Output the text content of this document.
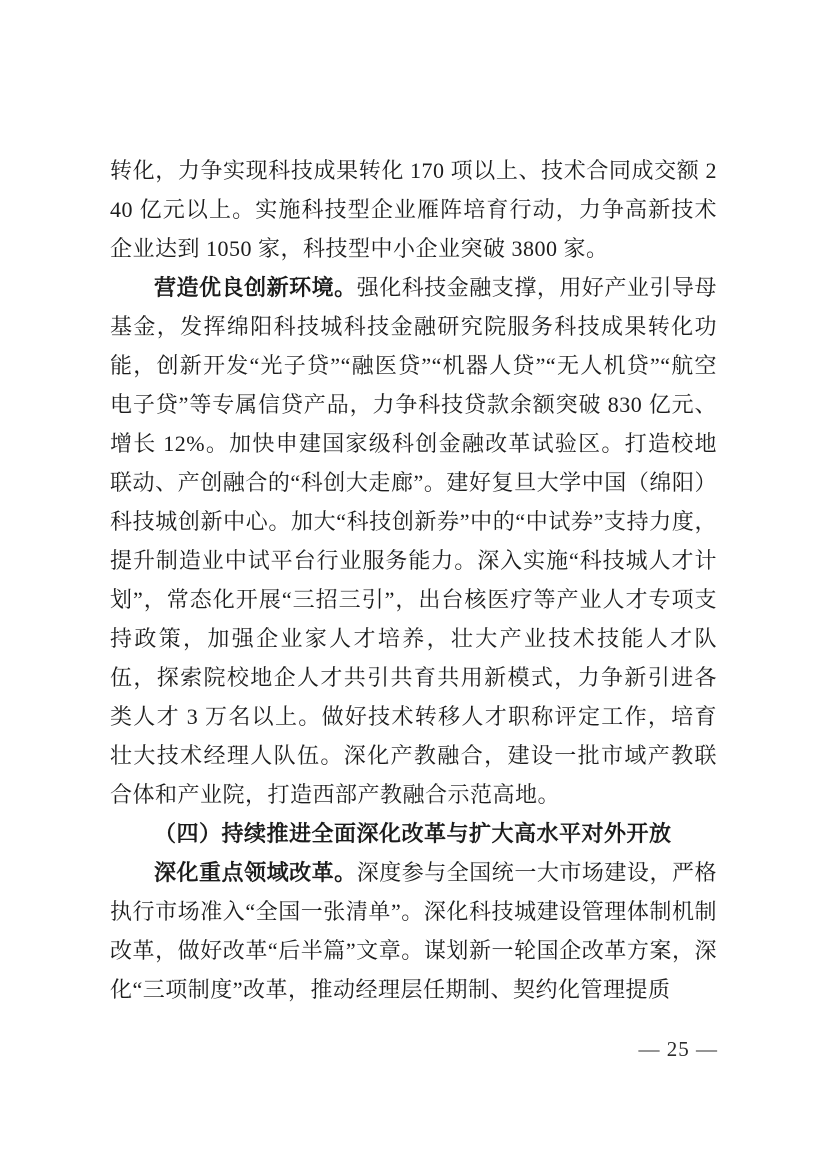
转化，力争实现科技成果转化 170 项以上、技术合同成交额 240 亿元以上。实施科技型企业雁阵培育行动，力争高新技术企业达到 1050 家，科技型中小企业突破 3800 家。

营造优良创新环境。强化科技金融支撑，用好产业引导母基金，发挥绵阳科技城科技金融研究院服务科技成果转化功能，创新开发“光子贷”“融医贷”“机器人贷”“无人机贷”“航空电子贷”等专属信贷产品，力争科技贷款余额突破 830 亿元、增长 12%。加快申建国家级科创金融改革试验区。打造校地联动、产创融合的“科创大走廊”。建好复旦大学中国（绵阳）科技城创新中心。加大“科技创新券”中的“中试券”支持力度，提升制造业中试平台行业服务能力。深入实施“科技城人才计划”，常态化开展“三招三引”，出台核医疗等产业人才专项支持政策，加强企业家人才培养，壮大产业技术技能人才队伍，探索院校地企人才共引共育共用新模式，力争新引进各类人才 3 万名以上。做好技术转移人才职称评定工作，培育壮大技术经理人队伍。深化产教融合，建设一批市域产教联合体和产业院，打造西部产教融合示范高地。

（四）持续推进全面深化改革与扩大高水平对外开放

深化重点领域改革。深度参与全国统一大市场建设，严格执行市场准入“全国一张清单”。深化科技城建设管理体制机制改革，做好改革“后半篇”文章。谋划新一轮国企改革方案，深化“三项制度”改革，推动经理层任期制、契约化管理提质

— 25 —
